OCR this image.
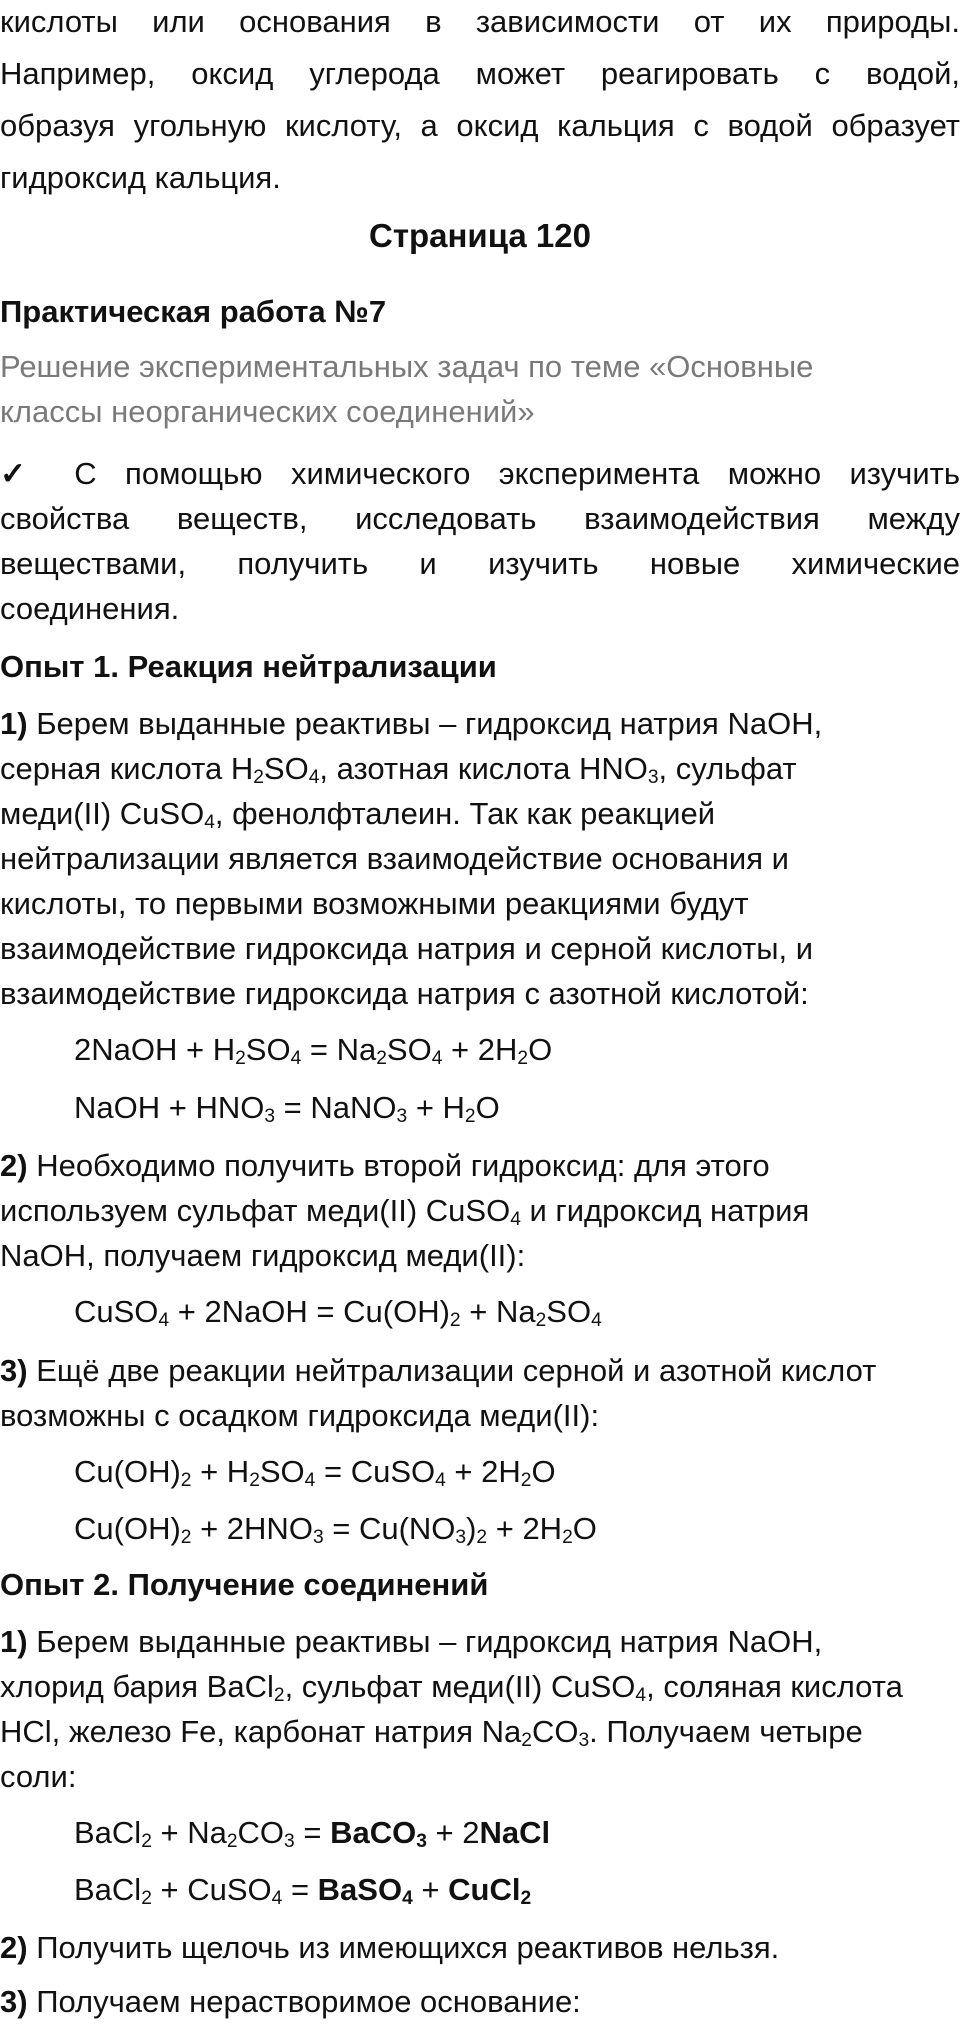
кислоты или основания в зависимости от их природы.
Например, оксид углерода может реагировать с водой,
образуя угольную кислоту, а оксид кальция с водой образует
гидроксид кальция.
Страница 120
Практическая работа №7
Решение экспериментальных задач по теме «Основные
классы неорганических соединений»
✓ С помощью химического эксперимента можно изучить
свойства веществ, исследовать взаимодействия между
веществами, получить и изучить новые химические
соединения.
Опыт 1. Реакция нейтрализации
1) Берем выданные реактивы – гидроксид натрия NaOH,
серная кислота $H_2SO_4$, азотная кислота $HNO_3$, сульфат
меди(II) CuSO$_4$, фенолфталеин. Так как реакцией
нейтрализации является взаимодействие основания и
кислоты, то первыми возможными реакциями будут
взаимодействие гидроксида натрия и серной кислоты, и
взаимодействие гидроксида натрия с азотной кислотой:
2NaOH + $H_2SO_4 = Na_2SO_4 + 2H_2O$
NaOH + $HNO_3$ = NaNO$_3$ + $H_2O$
2) Необходимо получить второй гидроксид: для этого
используем сульфат меди(II) CuSO$_4$ и гидроксид натрия
NaOH, получаем гидроксид меди(II):
CuSO$_4$ + 2NaOH = $Cu(OH)_2 + Na_2SO_4$
3) Ещё две реакции нейтрализации серной и азотной кислот
возможны с осадком гидроксида меди(II):
$Cu(OH)_2 + H_2SO_4$ = CuSO$_4$ + $2H_2O$
$Cu(OH)_2 + 2HNO_3 = Cu(NO_3)_2 + 2H_2O$
Опыт 2. Получение соединений
1) Берем выданные реактивы – гидроксид натрия NaOH,
хлорид бария BaCl$_2$, сульфат меди(II) CuSO$_4$, соляная кислота
HCl, железо Fe, карбонат натрия $Na_2CO_3$. Получаем четыре
соли:
BaCl$_2$ + $Na_2CO_3$ = BaCO$_3$ + 2NaCl
BaCl$_2$ + CuSO$_4$ = BaSO$_4$ + CuCl$_2$
2) Получить щелочь из имеющихся реактивов нельзя.
3) Получаем нерастворимое основание:
